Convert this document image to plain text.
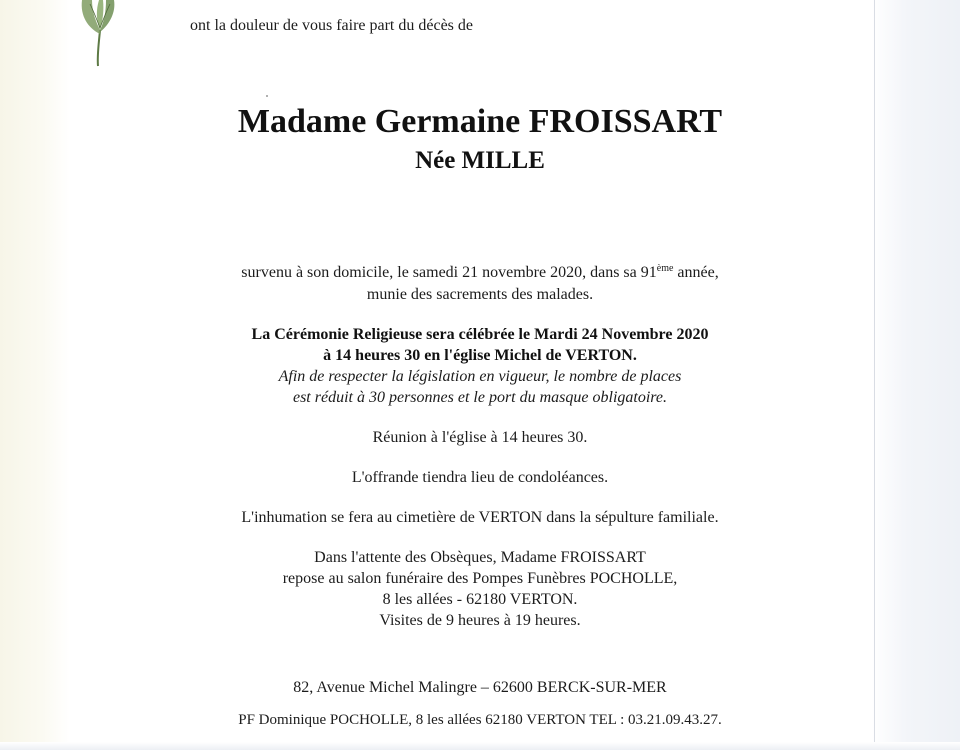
ont la douleur de vous faire part du décès de
Madame Germaine FROISSART
Née MILLE
survenu à son domicile, le samedi 21 novembre 2020, dans sa 91ème année,
munie des sacrements des malades.
La Cérémonie Religieuse sera célébrée le Mardi 24 Novembre 2020
à 14 heures 30 en l'église Michel de VERTON.
Afin de respecter la législation en vigueur, le nombre de places
est réduit à 30 personnes et le port du masque obligatoire.
Réunion à l'église à 14 heures 30.
L'offrande tiendra lieu de condoléances.
L'inhumation se fera au cimetière de VERTON dans la sépulture familiale.
Dans l'attente des Obsèques, Madame FROISSART
repose au salon funéraire des Pompes Funèbres POCHOLLE,
8 les allées - 62180 VERTON.
Visites de 9 heures à 19 heures.
82, Avenue Michel Malingre – 62600 BERCK-SUR-MER
PF Dominique POCHOLLE, 8 les allées 62180 VERTON TEL : 03.21.09.43.27.
